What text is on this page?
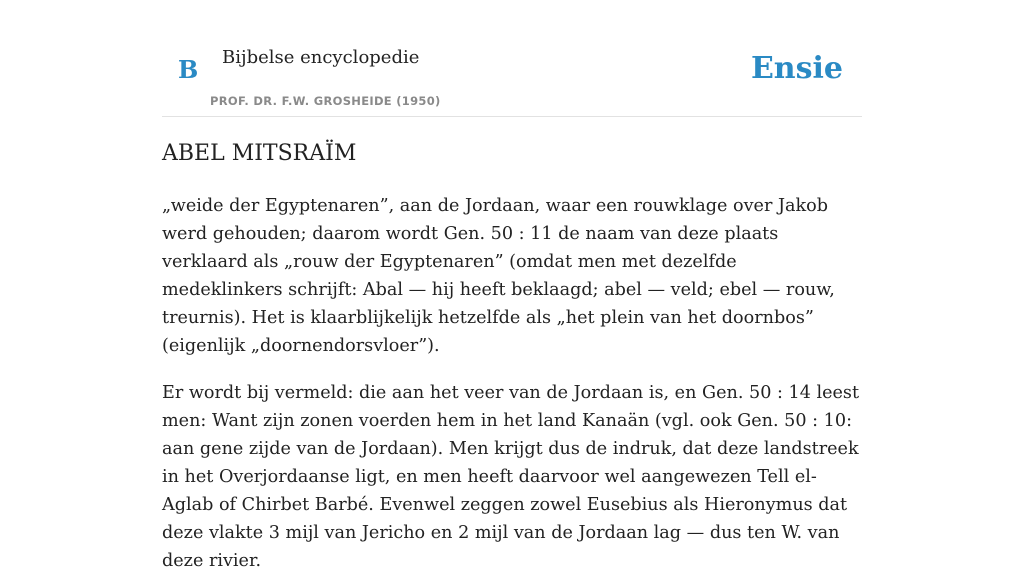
B Bijbelse encyclopedie
PROF. DR. F.W. GROSHEIDE (1950)
Ensie
ABEL MITSRAÏM

„weide der Egyptenaren”, aan de Jordaan, waar een rouwklage over Jakob werd gehouden; daarom wordt Gen. 50 : 11 de naam van deze plaats verklaard als „rouw der Egyptenaren” (omdat men met dezelfde medeklinkers schrijft: Abal — hij heeft beklaagd; abel — veld; ebel — rouw, treurnis). Het is klaarblijkelijk hetzelfde als „het plein van het doornbos” (eigenlijk „doornendorsvloer”).

Er wordt bij vermeld: die aan het veer van de Jordaan is, en Gen. 50 : 14 leest men: Want zijn zonen voerden hem in het land Kanaän (vgl. ook Gen. 50 : 10: aan gene zijde van de Jordaan). Men krijgt dus de indruk, dat deze landstreek in het Overjordaanse ligt, en men heeft daarvoor wel aangewezen Tell el-Aglab of Chirbet Barbé. Evenwel zeggen zowel Eusebius als Hieronymus dat deze vlakte 3 mijl van Jericho en 2 mijl van de Jordaan lag — dus ten W. van deze rivier.
